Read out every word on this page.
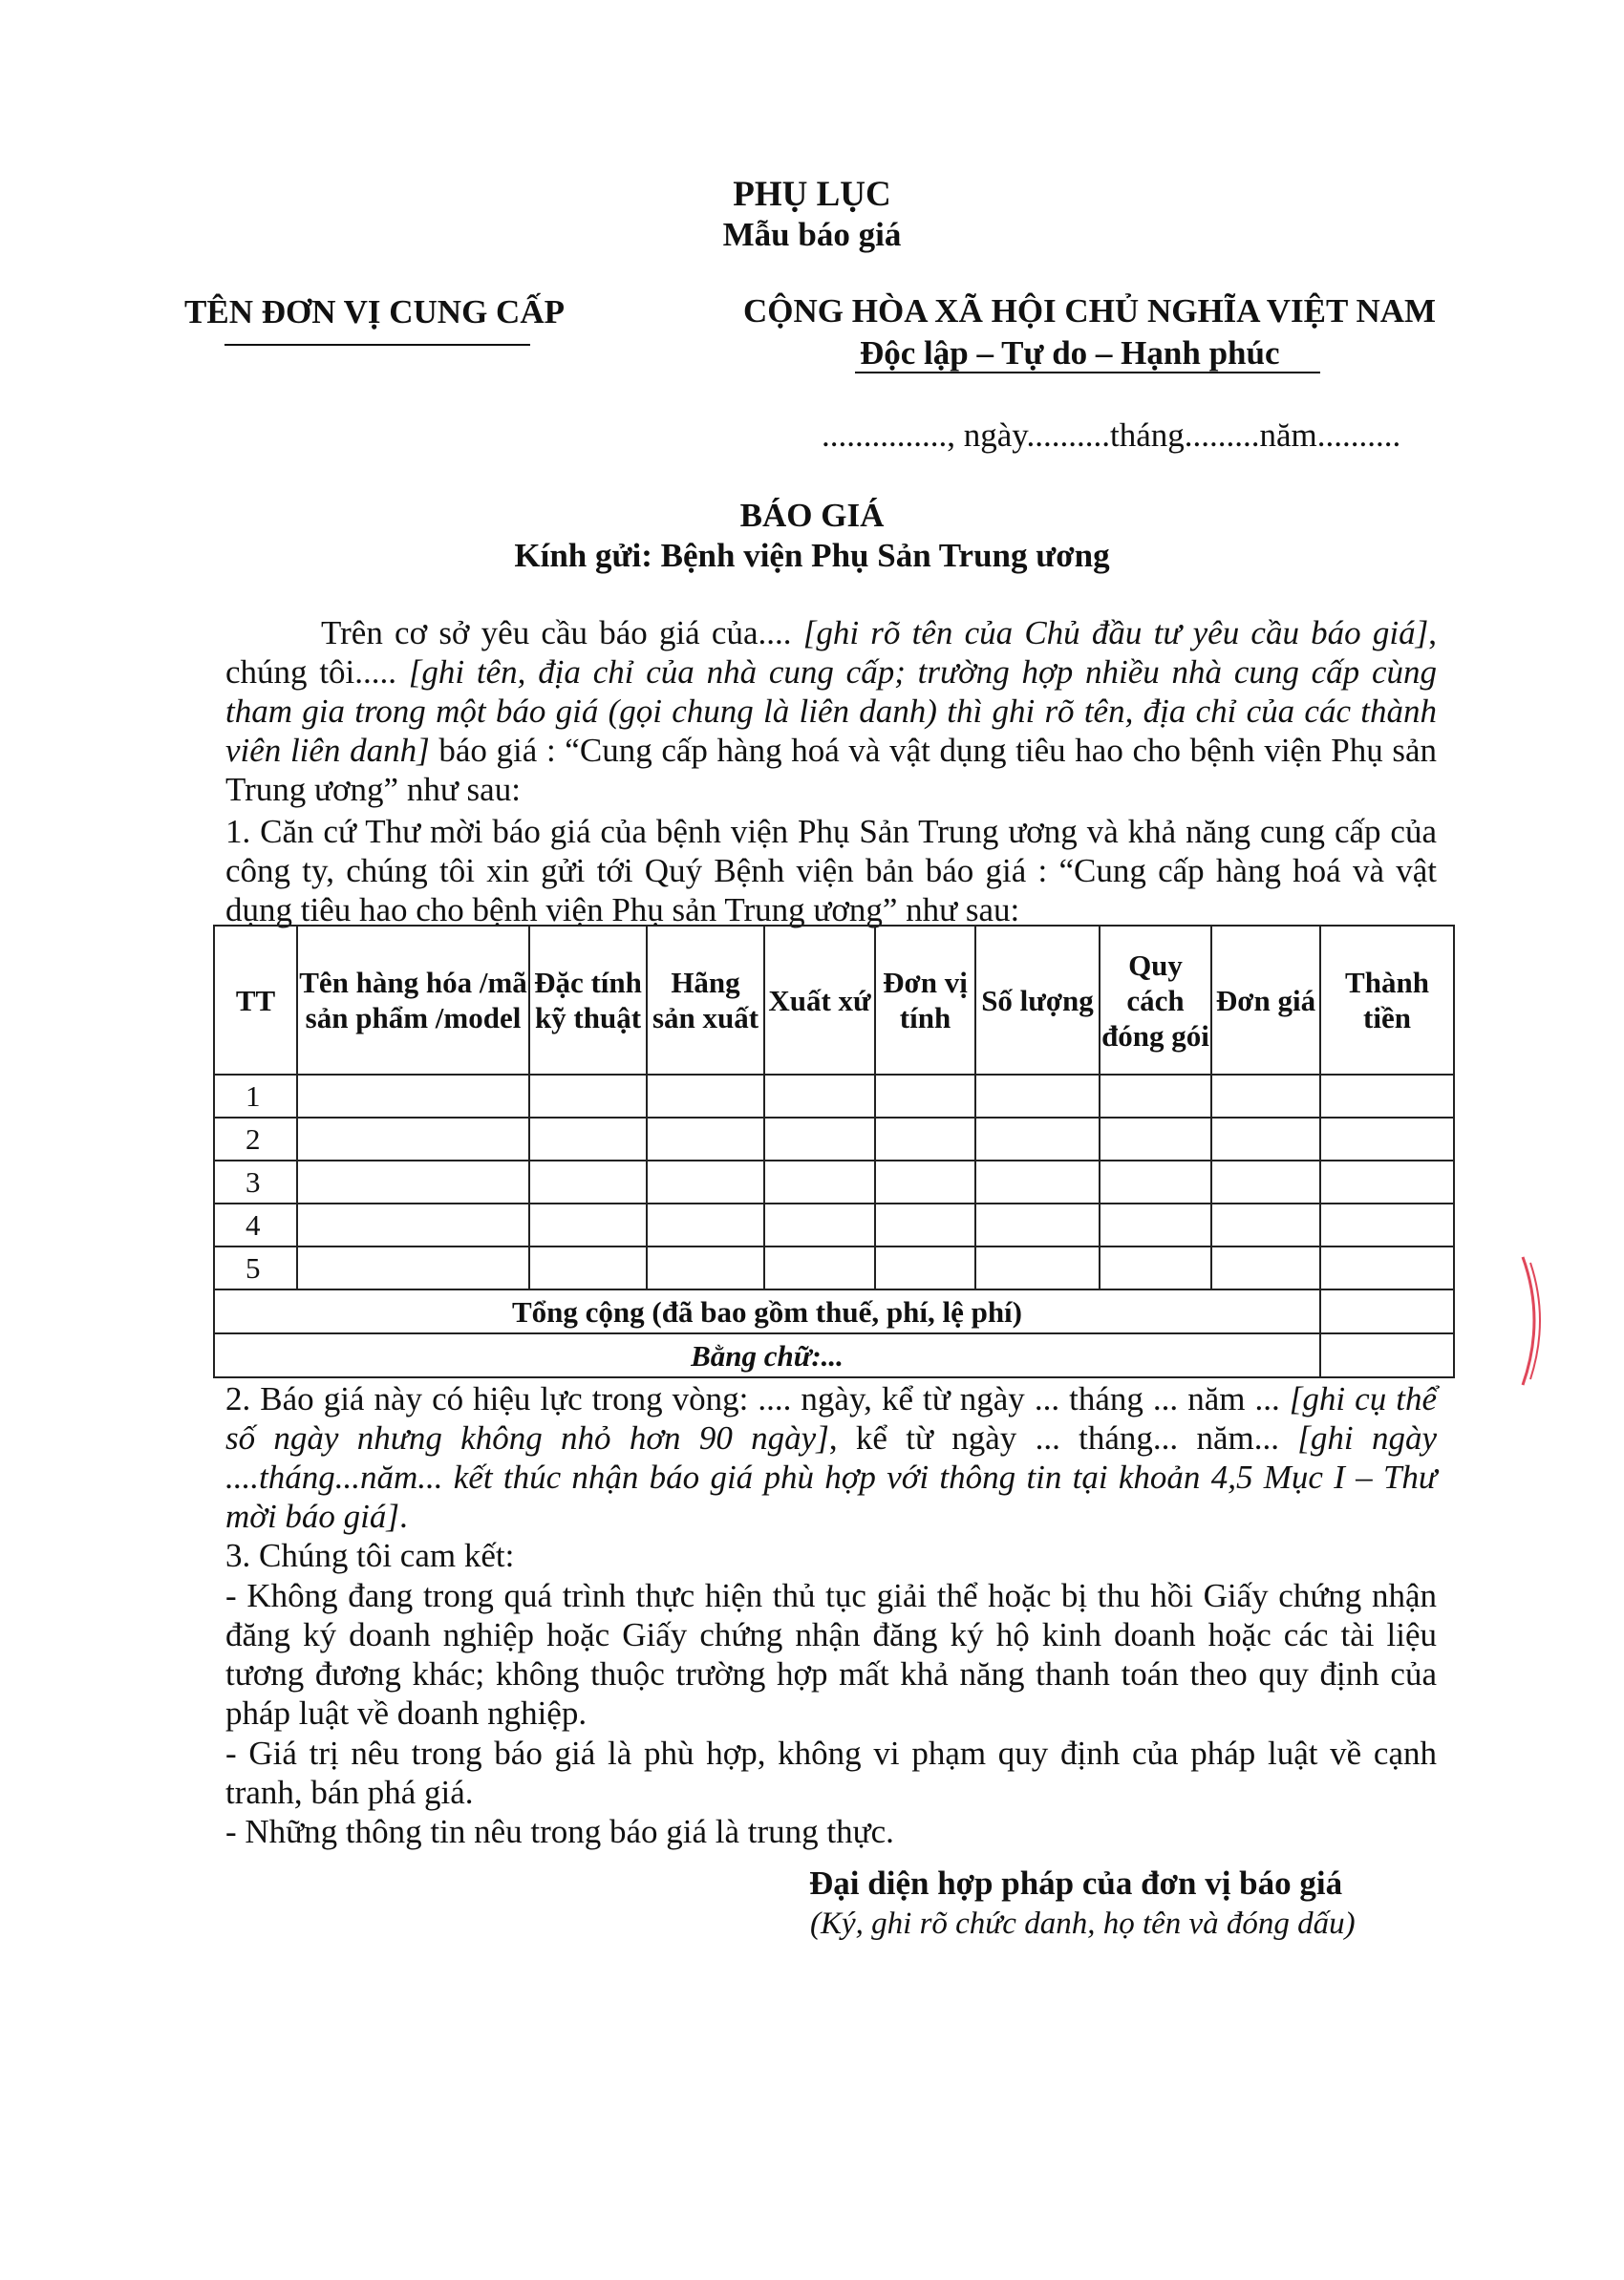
PHỤ LỤC
Mẫu báo giá
TÊN ĐƠN VỊ CUNG CẤP	CỘNG HÒA XÃ HỘI CHỦ NGHĨA VIỆT NAM
Độc lập – Tự do – Hạnh phúc
..............., ngày..........tháng.........năm..........
BÁO GIÁ
Kính gửi: Bệnh viện Phụ Sản Trung ương
Trên cơ sở yêu cầu báo giá của.... [ghi rõ tên của Chủ đầu tư yêu cầu báo giá], chúng tôi..... [ghi tên, địa chỉ của nhà cung cấp; trường hợp nhiều nhà cung cấp cùng tham gia trong một báo giá (gọi chung là liên danh) thì ghi rõ tên, địa chỉ của các thành viên liên danh] báo giá : “Cung cấp hàng hoá và vật dụng tiêu hao cho bệnh viện Phụ sản Trung ương” như sau:
1. Căn cứ Thư mời báo giá của bệnh viện Phụ Sản Trung ương và khả năng cung cấp của công ty, chúng tôi xin gửi tới Quý Bệnh viện bản báo giá : “Cung cấp hàng hoá và vật dụng tiêu hao cho bệnh viện Phụ sản Trung ương” như sau:
TT	Tên hàng hóa /mã sản phẩm /model	Đặc tính kỹ thuật	Hãng sản xuất	Xuất xứ	Đơn vị tính	Số lượng	Quy cách đóng gói	Đơn giá	Thành tiền
1									
2									
3									
4									
5									
Tổng cộng (đã bao gồm thuế, phí, lệ phí)									
Bằng chữ:...									
2. Báo giá này có hiệu lực trong vòng: .... ngày, kể từ ngày ... tháng ... năm ... [ghi cụ thể số ngày nhưng không nhỏ hơn 90 ngày], kể từ ngày ... tháng... năm... [ghi ngày ....tháng...năm... kết thúc nhận báo giá phù hợp với thông tin tại khoản 4,5 Mục I – Thư mời báo giá].
3. Chúng tôi cam kết:
- Không đang trong quá trình thực hiện thủ tục giải thể hoặc bị thu hồi Giấy chứng nhận đăng ký doanh nghiệp hoặc Giấy chứng nhận đăng ký hộ kinh doanh hoặc các tài liệu tương đương khác; không thuộc trường hợp mất khả năng thanh toán theo quy định của pháp luật về doanh nghiệp.
- Giá trị nêu trong báo giá là phù hợp, không vi phạm quy định của pháp luật về cạnh tranh, bán phá giá.
- Những thông tin nêu trong báo giá là trung thực.
Đại diện hợp pháp của đơn vị báo giá
(Ký, ghi rõ chức danh, họ tên và đóng dấu)
